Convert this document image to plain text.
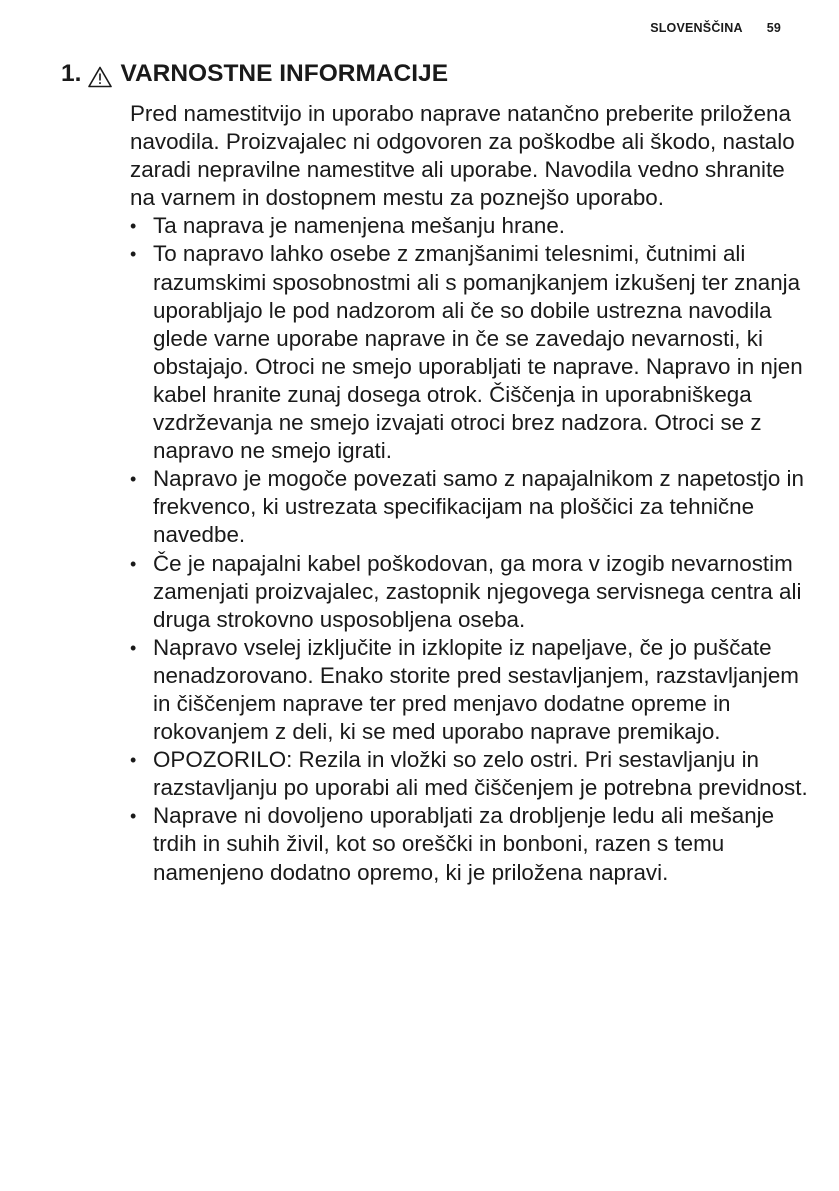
SLOVENŠČINA 59
1. VARNOSTNE INFORMACIJE

Pred namestitvijo in uporabo naprave natančno preberite priložena navodila. Proizvajalec ni odgovoren za poškodbe ali škodo, nastalo zaradi nepravilne namestitve ali uporabe. Navodila vedno shranite na varnem in dostopnem mestu za poznejšo uporabo.

• Ta naprava je namenjena mešanju hrane.
• To napravo lahko osebe z zmanjšanimi telesnimi, čutnimi ali razumskimi sposobnostmi ali s pomanjkanjem izkušenj ter znanja uporabljajo le pod nadzorom ali če so dobile ustrezna navodila glede varne uporabe naprave in če se zavedajo nevarnosti, ki obstajajo. Otroci ne smejo uporabljati te naprave. Napravo in njen kabel hranite zunaj dosega otrok. Čiščenja in uporabniškega vzdrževanja ne smejo izvajati otroci brez nadzora. Otroci se z napravo ne smejo igrati.
• Napravo je mogoče povezati samo z napajalnikom z napetostjo in frekvenco, ki ustrezata specifikacijam na ploščici za tehnične navedbe.
• Če je napajalni kabel poškodovan, ga mora v izogib nevarnostim zamenjati proizvajalec, zastopnik njegovega servisnega centra ali druga strokovno usposobljena oseba.
• Napravo vselej izključite in izklopite iz napeljave, če jo puščate nenadzorovano. Enako storite pred sestavljanjem, razstavljanjem in čiščenjem naprave ter pred menjavo dodatne opreme in rokovanjem z deli, ki se med uporabo naprave premikajo.
• OPOZORILO: Rezila in vložki so zelo ostri. Pri sestavljanju in razstavljanju po uporabi ali med čiščenjem je potrebna previdnost.
• Naprave ni dovoljeno uporabljati za drobljenje ledu ali mešanje trdih in suhih živil, kot so oreščki in bonboni, razen s temu namenjeno dodatno opremo, ki je priložena napravi.
